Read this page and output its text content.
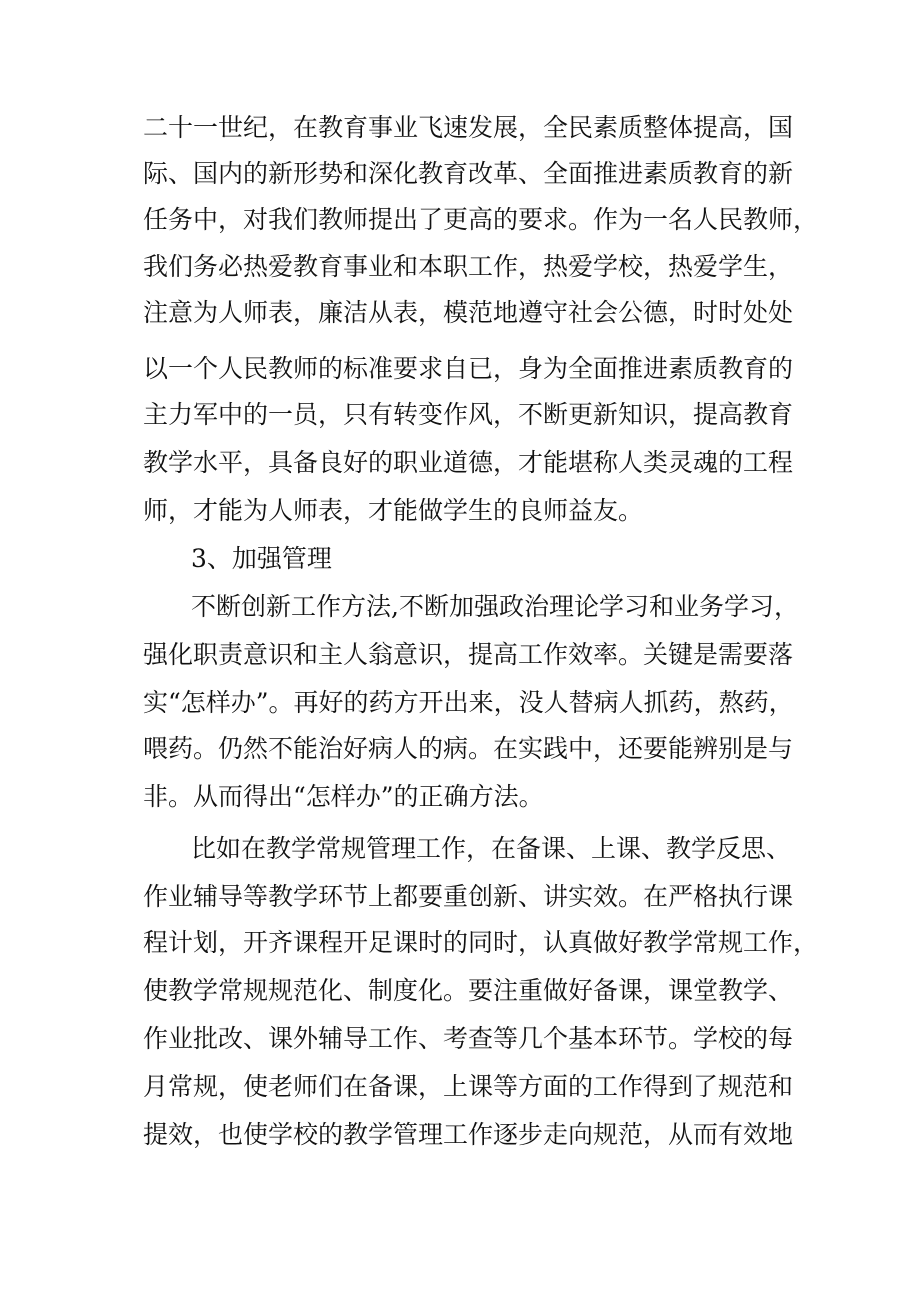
二十一世纪，在教育事业飞速发展，全民素质整体提高，国

际、国内的新形势和深化教育改革、全面推进素质教育的新

任务中，对我们教师提出了更高的要求。作为一名人民教师，

我们务必热爱教育事业和本职工作，热爱学校，热爱学生，

注意为人师表，廉洁从表，模范地遵守社会公德，时时处处

以一个人民教师的标准要求自已，身为全面推进素质教育的

主力军中的一员，只有转变作风，不断更新知识，提高教育

教学水平，具备良好的职业道德，才能堪称人类灵魂的工程

师，才能为人师表，才能做学生的良师益友。

3、加强管理

不断创新工作方法,不断加强政治理论学习和业务学习，

强化职责意识和主人翁意识，提高工作效率。关键是需要落

实“怎样办”。再好的药方开出来，没人替病人抓药，熬药，

喂药。仍然不能治好病人的病。在实践中，还要能辨别是与

非。从而得出“怎样办”的正确方法。

比如在教学常规管理工作，在备课、上课、教学反思、

作业辅导等教学环节上都要重创新、讲实效。在严格执行课

程计划，开齐课程开足课时的同时，认真做好教学常规工作，

使教学常规规范化、制度化。要注重做好备课，课堂教学、

作业批改、课外辅导工作、考查等几个基本环节。学校的每

月常规，使老师们在备课，上课等方面的工作得到了规范和

提效，也使学校的教学管理工作逐步走向规范，从而有效地
